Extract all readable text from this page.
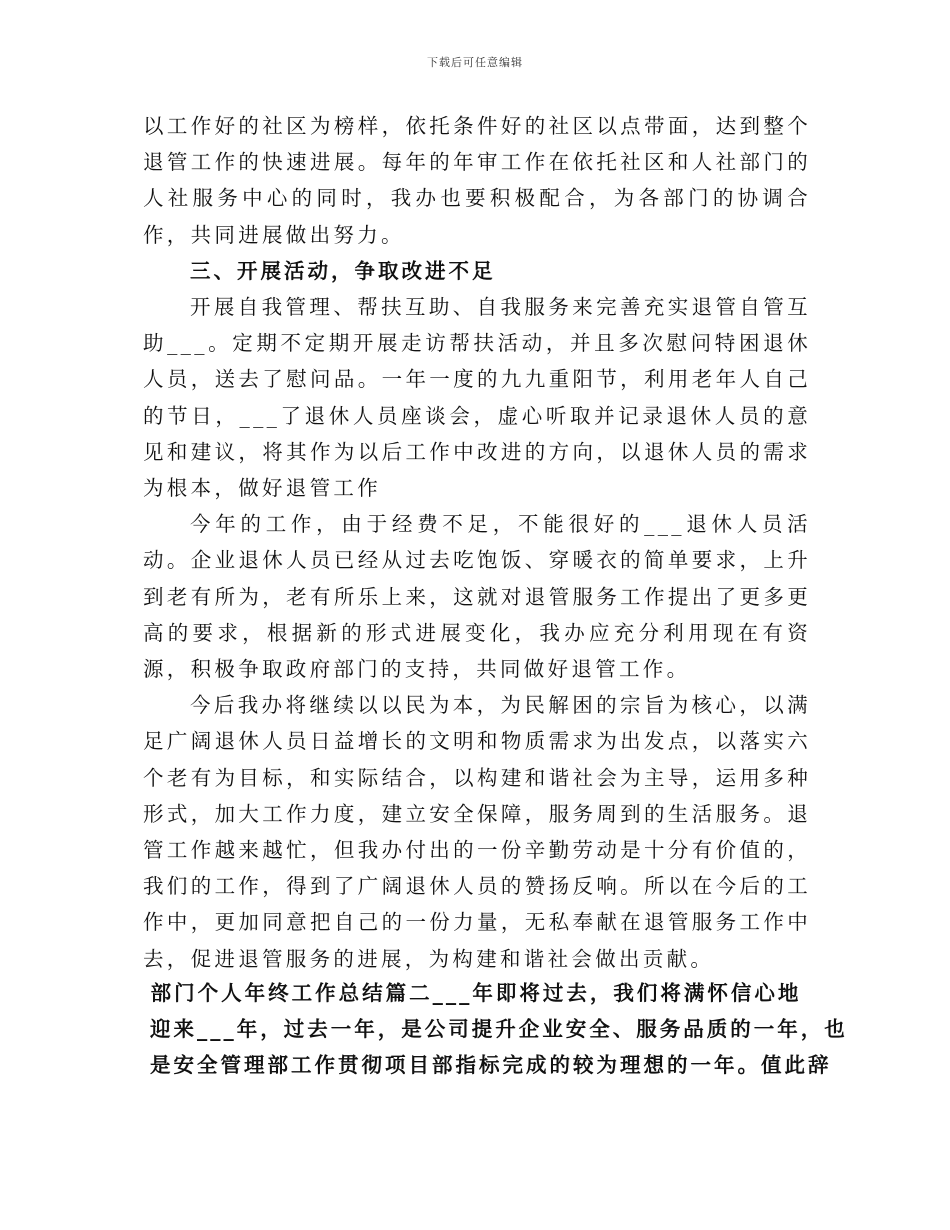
下载后可任意编辑

以工作好的社区为榜样，依托条件好的社区以点带面，达到整个退管工作的快速进展。每年的年审工作在依托社区和人社部门的人社服务中心的同时，我办也要积极配合，为各部门的协调合作，共同进展做出努力。

三、开展活动，争取改进不足

开展自我管理、帮扶互助、自我服务来完善充实退管自管互助___。定期不定期开展走访帮扶活动，并且多次慰问特困退休人员，送去了慰问品。一年一度的九九重阳节，利用老年人自己的节日，___了退休人员座谈会，虚心听取并记录退休人员的意见和建议，将其作为以后工作中改进的方向，以退休人员的需求为根本，做好退管工作

今年的工作，由于经费不足，不能很好的___退休人员活动。企业退休人员已经从过去吃饱饭、穿暖衣的简单要求，上升到老有所为，老有所乐上来，这就对退管服务工作提出了更多更高的要求，根据新的形式进展变化，我办应充分利用现在有资源，积极争取政府部门的支持，共同做好退管工作。

今后我办将继续以以民为本，为民解困的宗旨为核心，以满足广阔退休人员日益增长的文明和物质需求为出发点，以落实六个老有为目标，和实际结合，以构建和谐社会为主导，运用多种形式，加大工作力度，建立安全保障，服务周到的生活服务。退管工作越来越忙，但我办付出的一份辛勤劳动是十分有价值的，我们的工作，得到了广阔退休人员的赞扬反响。所以在今后的工作中，更加同意把自己的一份力量，无私奉献在退管服务工作中去，促进退管服务的进展，为构建和谐社会做出贡献。

部门个人年终工作总结篇二___年即将过去，我们将满怀信心地
迎来___年，过去一年，是公司提升企业安全、服务品质的一年，也
是安全管理部工作贯彻项目部指标完成的较为理想的一年。值此辞
